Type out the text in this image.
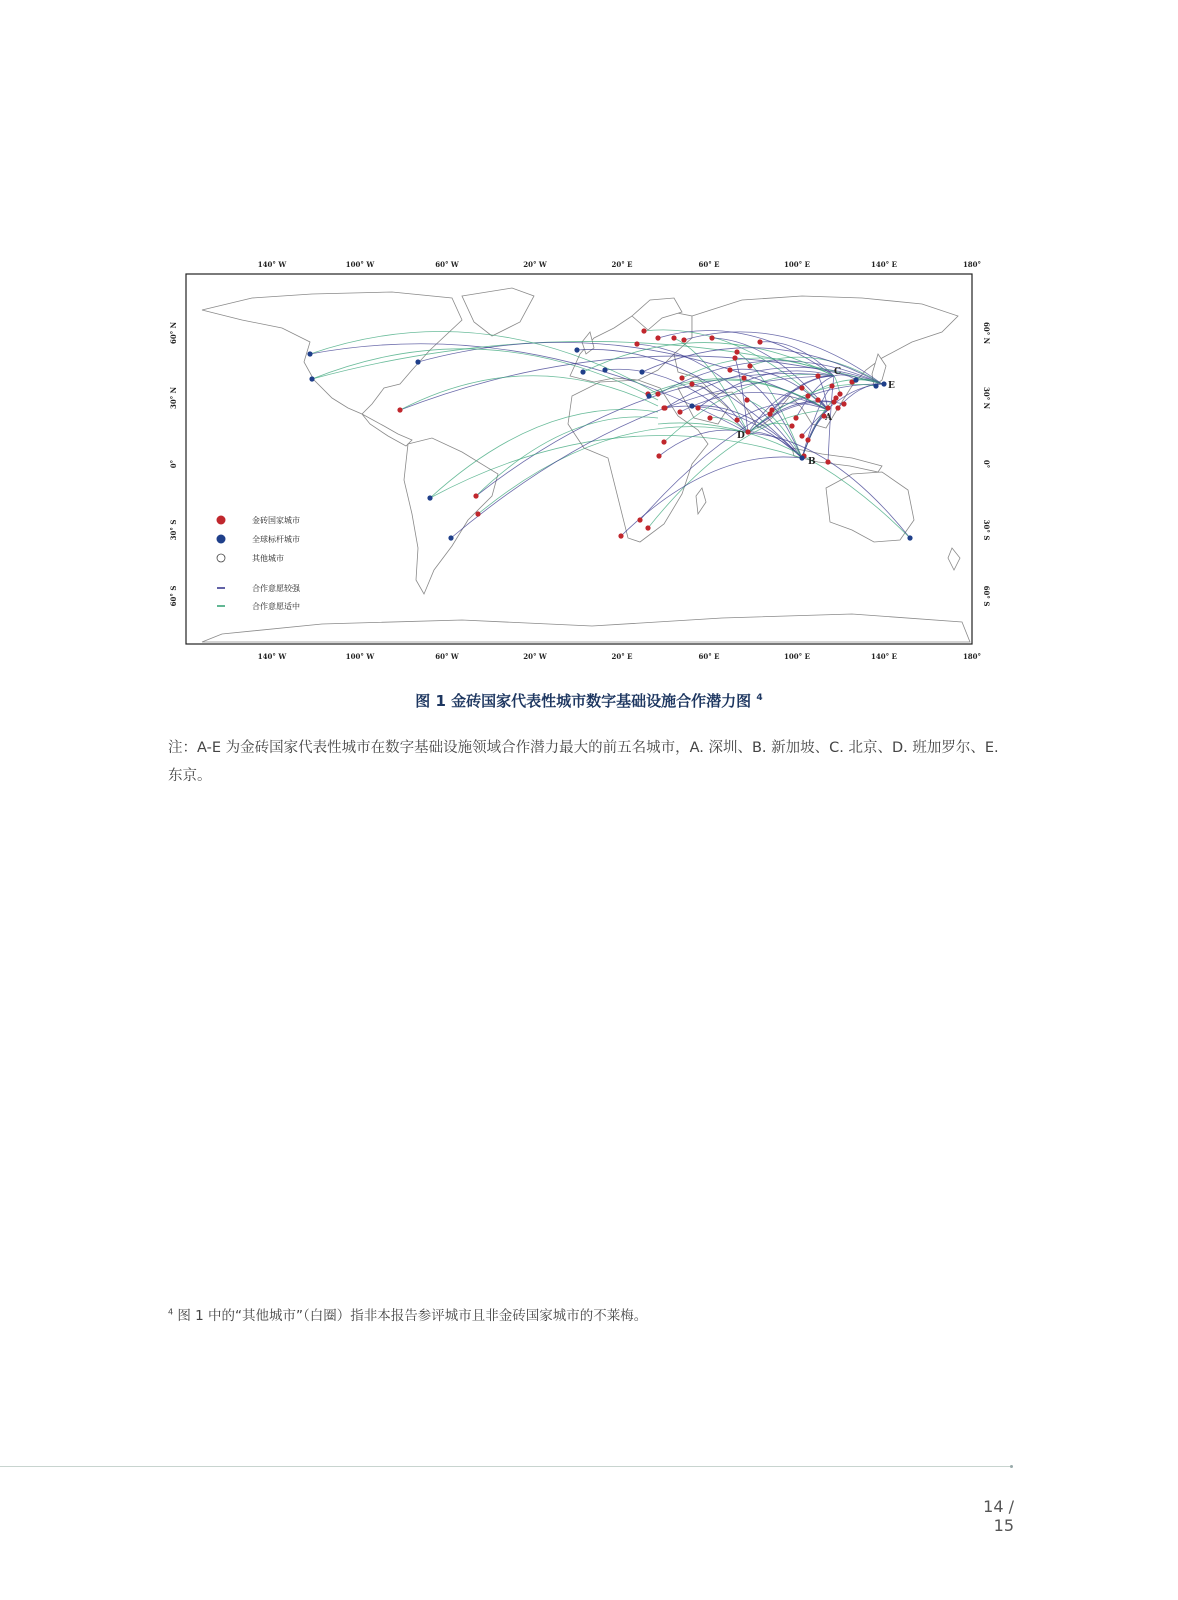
140° W	100° W	60° W	20° W	20° E	60° E	100° E	140° E	180°
140° W	100° W	60° W	20° W	20° E	60° E	100° E	140° E	180°
60° N
30° N
0°
30° S
60° S
60° N
30° N
0°
30° S
60° S
金砖国家城市
全球标杆城市
其他城市
合作意愿较强
合作意愿适中
A
B
C
D
E
图 1 金砖国家代表性城市数字基础设施合作潜力图 $^4$
注：A-E 为金砖国家代表性城市在数字基础设施领域合作潜力最大的前五名城市，A. 深圳、B. 新加坡、C. 北京、D. 班加罗尔、E. 东京。
$^4$ 图 1 中的“其他城市”（白圈）指非本报告参评城市且非金砖国家城市的不莱梅。
14 / 15
